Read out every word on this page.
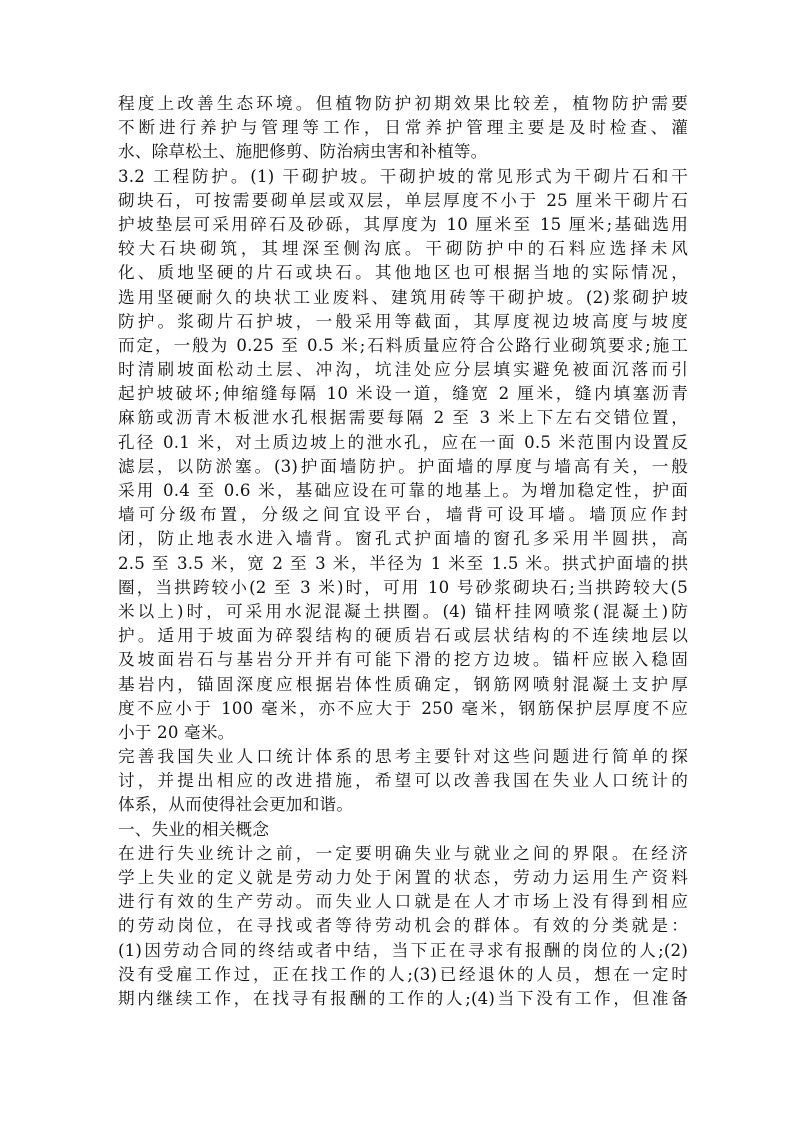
程度上改善生态环境。但植物防护初期效果比较差，植物防护需要
不断进行养护与管理等工作，日常养护管理主要是及时检查、灌
水、除草松土、施肥修剪、防治病虫害和补植等。
3.2 工程防护。(1) 干砌护坡。干砌护坡的常见形式为干砌片石和干
砌块石，可按需要砌单层或双层，单层厚度不小于 25 厘米干砌片石
护坡垫层可采用碎石及砂砾，其厚度为 10 厘米至 15 厘米;基础选用
较大石块砌筑，其埋深至侧沟底。干砌防护中的石料应选择未风
化、质地坚硬的片石或块石。其他地区也可根据当地的实际情况，
选用坚硬耐久的块状工业废料、建筑用砖等干砌护坡。(2)浆砌护坡
防护。浆砌片石护坡，一般采用等截面，其厚度视边坡高度与坡度
而定，一般为 0.25 至 0.5 米;石料质量应符合公路行业砌筑要求;施工
时清刷坡面松动土层、冲沟，坑洼处应分层填实避免被面沉落而引
起护坡破坏;伸缩缝每隔 10 米设一道，缝宽 2 厘米，缝内填塞沥青
麻筋或沥青木板泄水孔根据需要每隔 2 至 3 米上下左右交错位置，
孔径 0.1 米，对土质边坡上的泄水孔，应在一面 0.5 米范围内设置反
滤层，以防淤塞。(3)护面墙防护。护面墙的厚度与墙高有关，一般
采用 0.4 至 0.6 米，基础应设在可靠的地基上。为增加稳定性，护面
墙可分级布置，分级之间宜设平台，墙背可设耳墙。墙顶应作封
闭，防止地表水进入墙背。窗孔式护面墙的窗孔多采用半圆拱，高
2.5 至 3.5 米，宽 2 至 3 米，半径为 1 米至 1.5 米。拱式护面墙的拱
圈，当拱跨较小(2 至 3 米)时，可用 10 号砂浆砌块石;当拱跨较大(5
米以上)时，可采用水泥混凝土拱圈。(4) 锚杆挂网喷浆(混凝土)防
护。适用于坡面为碎裂结构的硬质岩石或层状结构的不连续地层以
及坡面岩石与基岩分开并有可能下滑的挖方边坡。锚杆应嵌入稳固
基岩内，锚固深度应根据岩体性质确定，钢筋网喷射混凝土支护厚
度不应小于 100 毫米，亦不应大于 250 毫米，钢筋保护层厚度不应
小于 20 毫米。
完善我国失业人口统计体系的思考主要针对这些问题进行简单的探
讨，并提出相应的改进措施，希望可以改善我国在失业人口统计的
体系，从而使得社会更加和谐。
一、失业的相关概念
在进行失业统计之前，一定要明确失业与就业之间的界限。在经济
学上失业的定义就是劳动力处于闲置的状态，劳动力运用生产资料
进行有效的生产劳动。而失业人口就是在人才市场上没有得到相应
的劳动岗位，在寻找或者等待劳动机会的群体。有效的分类就是：
(1)因劳动合同的终结或者中结，当下正在寻求有报酬的岗位的人;(2)
没有受雇工作过，正在找工作的人;(3)已经退休的人员，想在一定时
期内继续工作，在找寻有报酬的工作的人;(4)当下没有工作，但准备
